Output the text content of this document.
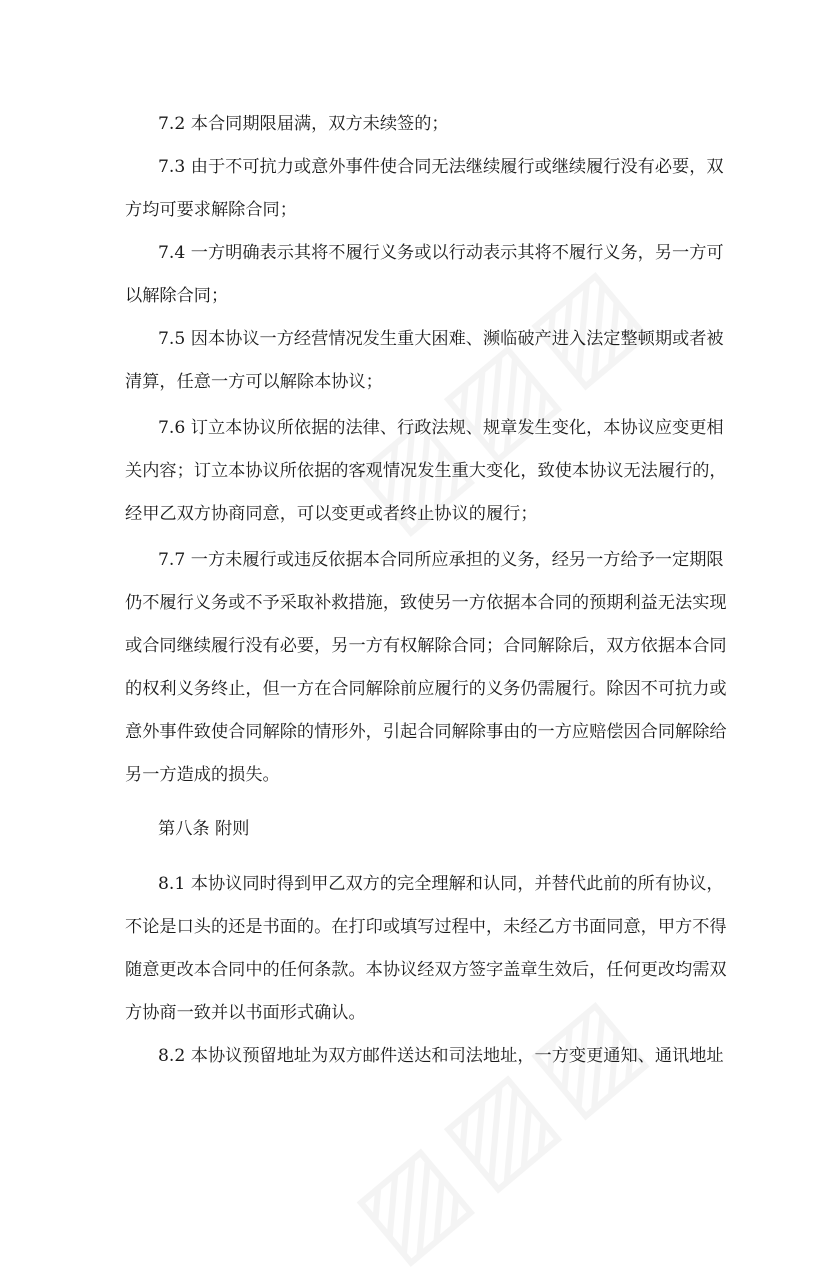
7.2 本合同期限届满，双方未续签的；
7.3 由于不可抗力或意外事件使合同无法继续履行或继续履行没有必要，双
方均可要求解除合同；
7.4 一方明确表示其将不履行义务或以行动表示其将不履行义务，另一方可
以解除合同；
7.5 因本协议一方经营情况发生重大困难、濒临破产进入法定整顿期或者被
清算，任意一方可以解除本协议；
7.6 订立本协议所依据的法律、行政法规、规章发生变化，本协议应变更相
关内容；订立本协议所依据的客观情况发生重大变化，致使本协议无法履行的，
经甲乙双方协商同意，可以变更或者终止协议的履行；
7.7 一方未履行或违反依据本合同所应承担的义务，经另一方给予一定期限
仍不履行义务或不予采取补救措施，致使另一方依据本合同的预期利益无法实现
或合同继续履行没有必要，另一方有权解除合同；合同解除后，双方依据本合同
的权利义务终止，但一方在合同解除前应履行的义务仍需履行。除因不可抗力或
意外事件致使合同解除的情形外，引起合同解除事由的一方应赔偿因合同解除给
另一方造成的损失。
第八条 附则
8.1 本协议同时得到甲乙双方的完全理解和认同，并替代此前的所有协议，
不论是口头的还是书面的。在打印或填写过程中，未经乙方书面同意，甲方不得
随意更改本合同中的任何条款。本协议经双方签字盖章生效后，任何更改均需双
方协商一致并以书面形式确认。
8.2 本协议预留地址为双方邮件送达和司法地址，一方变更通知、通讯地址
